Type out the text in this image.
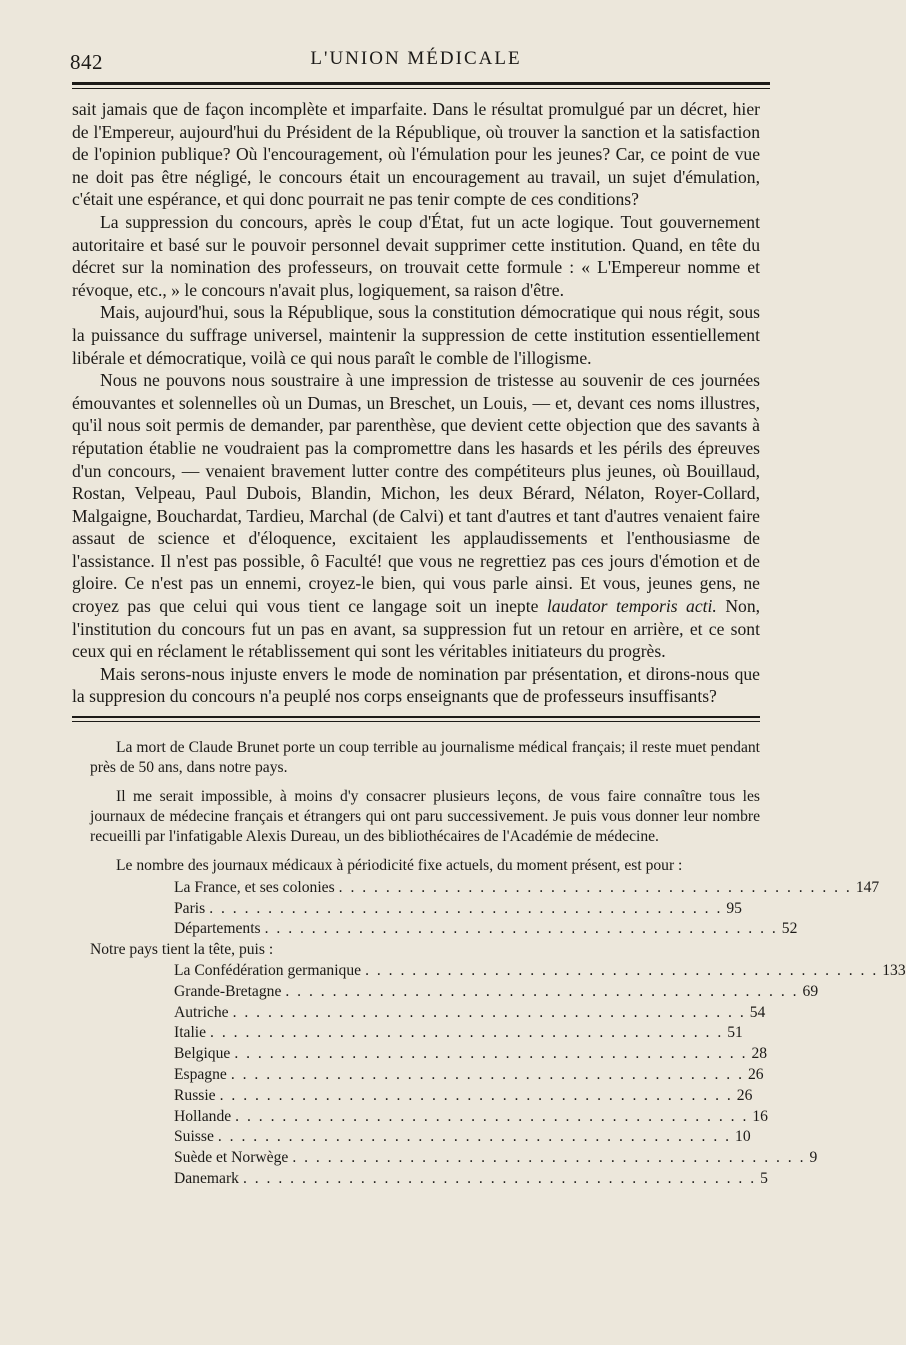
842	L'UNION MÉDICALE

sait jamais que de façon incomplète et imparfaite. Dans le résultat promulgué par un décret, hier de l'Empereur, aujourd'hui du Président de la République, où trouver la sanction et la satisfaction de l'opinion publique? Où l'encouragement, où l'émulation pour les jeunes? Car, ce point de vue ne doit pas être négligé, le concours était un encouragement au travail, un sujet d'émulation, c'était une espérance, et qui donc pourrait ne pas tenir compte de ces conditions?

La suppression du concours, après le coup d'État, fut un acte logique. Tout gouvernement autoritaire et basé sur le pouvoir personnel devait supprimer cette institution. Quand, en tête du décret sur la nomination des professeurs, on trouvait cette formule : « L'Empereur nomme et révoque, etc., » le concours n'avait plus, logiquement, sa raison d'être.

Mais, aujourd'hui, sous la République, sous la constitution démocratique qui nous régit, sous la puissance du suffrage universel, maintenir la suppression de cette institution essentiellement libérale et démocratique, voilà ce qui nous paraît le comble de l'illogisme.

Nous ne pouvons nous soustraire à une impression de tristesse au souvenir de ces journées émouvantes et solennelles où un Dumas, un Breschet, un Louis, — et, devant ces noms illustres, qu'il nous soit permis de demander, par parenthèse, que devient cette objection que des savants à réputation établie ne voudraient pas la compromettre dans les hasards et les périls des épreuves d'un concours, — venaient bravement lutter contre des compétiteurs plus jeunes, où Bouillaud, Rostan, Velpeau, Paul Dubois, Blandin, Michon, les deux Bérard, Nélaton, Royer-Collard, Malgaigne, Bouchardat, Tardieu, Marchal (de Calvi) et tant d'autres et tant d'autres venaient faire assaut de science et d'éloquence, excitaient les applaudissements et l'enthousiasme de l'assistance. Il n'est pas possible, ô Faculté! que vous ne regrettiez pas ces jours d'émotion et de gloire. Ce n'est pas un ennemi, croyez-le bien, qui vous parle ainsi. Et vous, jeunes gens, ne croyez pas que celui qui vous tient ce langage soit un inepte laudator temporis acti. Non, l'institution du concours fut un pas en avant, sa suppression fut un retour en arrière, et ce sont ceux qui en réclament le rétablissement qui sont les véritables initiateurs du progrès.

Mais serons-nous injuste envers le mode de nomination par présentation, et dirons-nous que la suppresion du concours n'a peuplé nos corps enseignants que de professeurs insuffisants?

La mort de Claude Brunet porte un coup terrible au journalisme médical français; il reste muet pendant près de 50 ans, dans notre pays.

Il me serait impossible, à moins d'y consacrer plusieurs leçons, de vous faire connaître tous les journaux de médecine français et étrangers qui ont paru successivement. Je puis vous donner leur nombre recueilli par l'infatigable Alexis Dureau, un des bibliothécaires de l'Académie de médecine.

Le nombre des journaux médicaux à périodicité fixe actuels, du moment présent, est pour :

La France, et ses colonies . . . . . . . . . . . . . . . . . . . . . . . . . . . . . . . . . . . . . . . . . . . . 147
Paris . . . . . . . . . . . . . . . . . . . . . . . . . . . . . . . . . . . . . . . . . . . . 95
Départements . . . . . . . . . . . . . . . . . . . . . . . . . . . . . . . . . . . . . . . . . . . . 52
Notre pays tient la tête, puis :
La Confédération germanique . . . . . . . . . . . . . . . . . . . . . . . . . . . . . . . . . . . . . . . . . . . . 133
Grande-Bretagne . . . . . . . . . . . . . . . . . . . . . . . . . . . . . . . . . . . . . . . . . . . . 69
Autriche . . . . . . . . . . . . . . . . . . . . . . . . . . . . . . . . . . . . . . . . . . . . 54
Italie . . . . . . . . . . . . . . . . . . . . . . . . . . . . . . . . . . . . . . . . . . . . 51
Belgique . . . . . . . . . . . . . . . . . . . . . . . . . . . . . . . . . . . . . . . . . . . . 28
Espagne . . . . . . . . . . . . . . . . . . . . . . . . . . . . . . . . . . . . . . . . . . . . 26
Russie . . . . . . . . . . . . . . . . . . . . . . . . . . . . . . . . . . . . . . . . . . . . 26
Hollande . . . . . . . . . . . . . . . . . . . . . . . . . . . . . . . . . . . . . . . . . . . . 16
Suisse . . . . . . . . . . . . . . . . . . . . . . . . . . . . . . . . . . . . . . . . . . . . 10
Suède et Norwège . . . . . . . . . . . . . . . . . . . . . . . . . . . . . . . . . . . . . . . . . . . . 9
Danemark . . . . . . . . . . . . . . . . . . . . . . . . . . . . . . . . . . . . . . . . . . . . 5
